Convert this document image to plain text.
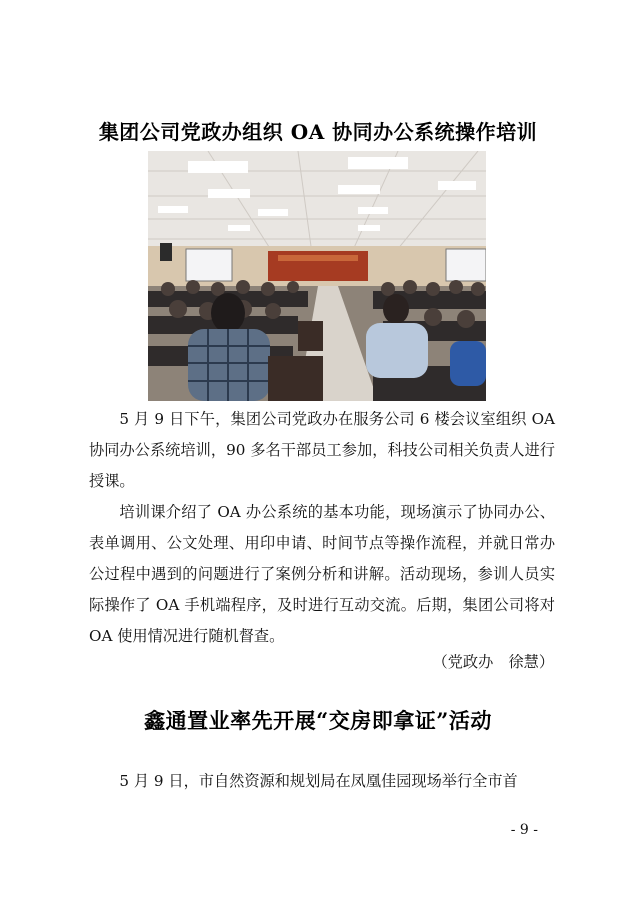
集团公司党政办组织 OA 协同办公系统操作培训
5 月 9 日下午，集团公司党政办在服务公司 6 楼会议室组织 OA 协同办公系统培训，90 多名干部员工参加，科技公司相关负责人进行授课。
培训课介绍了 OA 办公系统的基本功能，现场演示了协同办公、表单调用、公文处理、用印申请、时间节点等操作流程，并就日常办公过程中遇到的问题进行了案例分析和讲解。活动现场，参训人员实际操作了 OA 手机端程序，及时进行互动交流。后期，集团公司将对 OA 使用情况进行随机督查。
（党政办　徐慧）
鑫通置业率先开展“交房即拿证”活动
5 月 9 日，市自然资源和规划局在凤凰佳园现场举行全市首
- 9 -
